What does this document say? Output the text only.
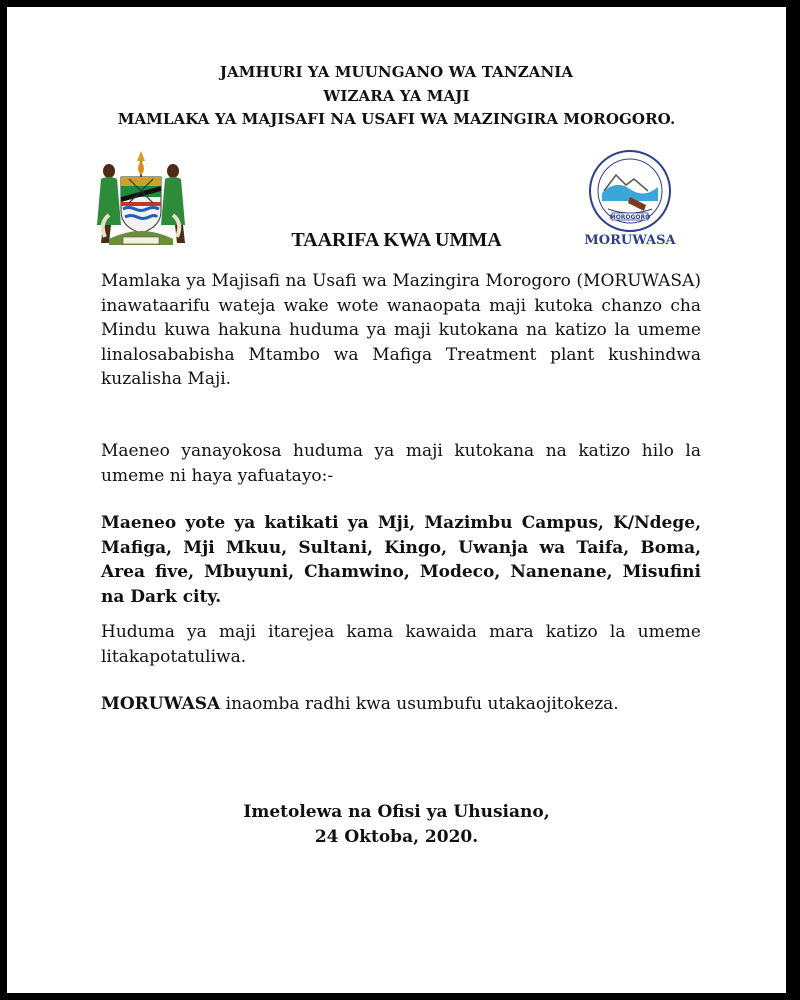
JAMHURI YA MUUNGANO WA TANZANIA
WIZARA YA MAJI
MAMLAKA YA MAJISAFI NA USAFI WA MAZINGIRA MOROGORO.
MOROGORO
MORUWASA
TAARIFA KWA UMMA
Mamlaka ya Majisafi na Usafi wa Mazingira Morogoro (MORUWASA) inawataarifu wateja wake wote wanaopata maji kutoka chanzo cha Mindu kuwa hakuna huduma ya maji kutokana na katizo la umeme linalosababisha Mtambo wa Mafiga Treatment plant kushindwa kuzalisha Maji.
Maeneo yanayokosa huduma ya maji kutokana na katizo hilo la umeme ni haya yafuatayo:-
Maeneo yote ya katikati ya Mji, Mazimbu Campus, K/Ndege, Mafiga, Mji Mkuu, Sultani, Kingo, Uwanja wa Taifa, Boma, Area five, Mbuyuni, Chamwino, Modeco, Nanenane, Misufini na Dark city.
Huduma ya maji itarejea kama kawaida mara katizo la umeme litakapotatuliwa.
MORUWASA inaomba radhi kwa usumbufu utakaojitokeza.
Imetolewa na Ofisi ya Uhusiano,
24 Oktoba, 2020.
